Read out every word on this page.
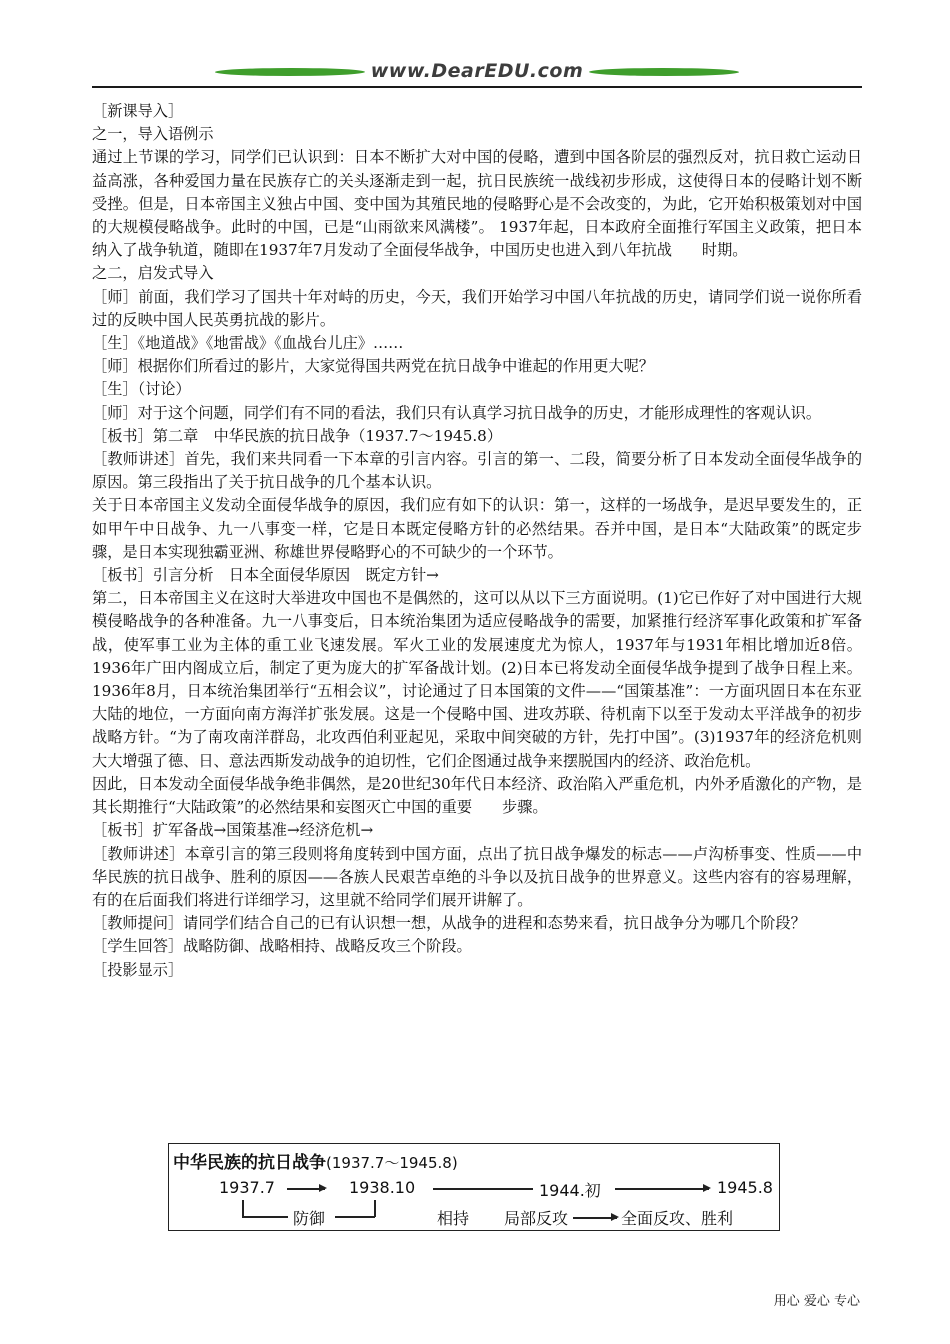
www.DearEDU.com

［新课导入］

之一，导入语例示

通过上节课的学习，同学们已认识到：日本不断扩大对中国的侵略，遭到中国各阶层的强烈反对，抗日救亡运动日益高涨，各种爱国力量在民族存亡的关头逐渐走到一起，抗日民族统一战线初步形成，这使得日本的侵略计划不断受挫。但是，日本帝国主义独占中国、变中国为其殖民地的侵略野心是不会改变的，为此，它开始积极策划对中国的大规模侵略战争。此时的中国，已是“山雨欲来风满楼”。 1937年起，日本政府全面推行军国主义政策，把日本纳入了战争轨道，随即在1937年7月发动了全面侵华战争，中国历史也进入到八年抗战 时期。

之二，启发式导入

［师］前面，我们学习了国共十年对峙的历史，今天，我们开始学习中国八年抗战的历史，请同学们说一说你所看过的反映中国人民英勇抗战的影片。

［生］《地道战》《地雷战》《血战台儿庄》……

［师］根据你们所看过的影片，大家觉得国共两党在抗日战争中谁起的作用更大呢？

［生］（讨论）

［师］对于这个问题，同学们有不同的看法，我们只有认真学习抗日战争的历史，才能形成理性的客观认识。

［板书］第二章　中华民族的抗日战争（1937.7～1945.8）

［教师讲述］首先，我们来共同看一下本章的引言内容。引言的第一、二段，简要分析了日本发动全面侵华战争的原因。第三段指出了关于抗日战争的几个基本认识。

关于日本帝国主义发动全面侵华战争的原因，我们应有如下的认识：第一，这样的一场战争，是迟早要发生的，正如甲午中日战争、九一八事变一样，它是日本既定侵略方针的必然结果。吞并中国，是日本“大陆政策”的既定步骤，是日本实现独霸亚洲、称雄世界侵略野心的不可缺少的一个环节。

［板书］引言分析　日本全面侵华原因　既定方针→

第二，日本帝国主义在这时大举进攻中国也不是偶然的，这可以从以下三方面说明。(1)它已作好了对中国进行大规模侵略战争的各种准备。九一八事变后，日本统治集团为适应侵略战争的需要，加紧推行经济军事化政策和扩军备战，使军事工业为主体的重工业飞速发展。军火工业的发展速度尤为惊人，1937年与1931年相比增加近8倍。1936年广田内阁成立后，制定了更为庞大的扩军备战计划。(2)日本已将发动全面侵华战争提到了战争日程上来。1936年8月，日本统治集团举行“五相会议”，讨论通过了日本国策的文件——“国策基准”：一方面巩固日本在东亚大陆的地位，一方面向南方海洋扩张发展。这是一个侵略中国、进攻苏联、待机南下以至于发动太平洋战争的初步战略方针。“为了南攻南洋群岛，北攻西伯利亚起见，采取中间突破的方针，先打中国”。(3)1937年的经济危机则大大增强了德、日、意法西斯发动战争的迫切性，它们企图通过战争来摆脱国内的经济、政治危机。

因此，日本发动全面侵华战争绝非偶然，是20世纪30年代日本经济、政治陷入严重危机，内外矛盾激化的产物，是其长期推行“大陆政策”的必然结果和妄图灭亡中国的重要 步骤。

［板书］扩军备战→国策基准→经济危机→

［教师讲述］本章引言的第三段则将角度转到中国方面，点出了抗日战争爆发的标志——卢沟桥事变、性质——中华民族的抗日战争、胜利的原因——各族人民艰苦卓绝的斗争以及抗日战争的世界意义。这些内容有的容易理解，有的在后面我们将进行详细学习，这里就不给同学们展开讲解了。

［教师提问］请同学们结合自己的已有认识想一想，从战争的进程和态势来看，抗日战争分为哪几个阶段？

［学生回答］战略防御、战略相持、战略反攻三个阶段。

［投影显示］

中华民族的抗日战争(1937.7～1945.8)
1937.7	1938.10	1944.初	1945.8
防御	相持 局部反攻	全面反攻、胜利
用心 爱心 专心
